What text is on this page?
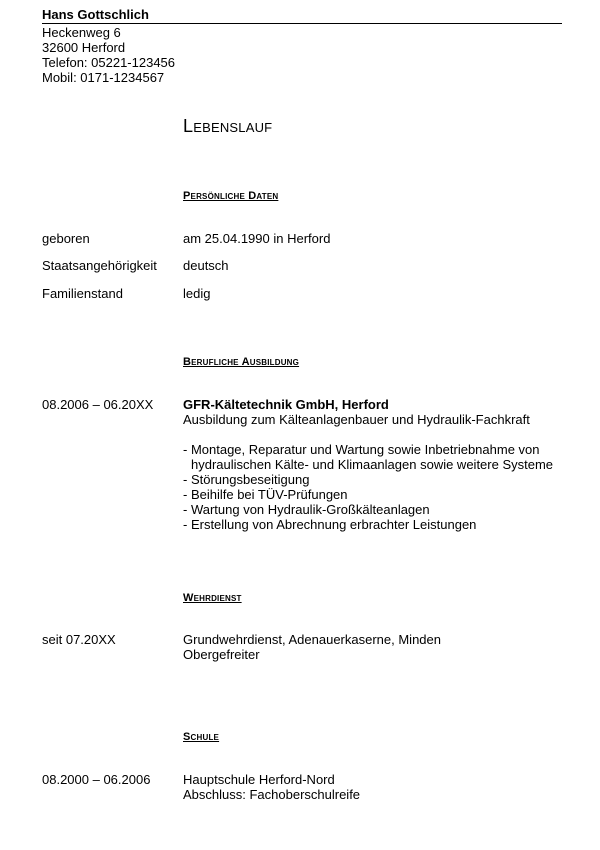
Hans Gottschlich
Heckenweg 6
32600 Herford
Telefon: 05221-123456
Mobil: 0171-1234567
Lebenslauf
Persönliche Daten
geboren	am 25.04.1990 in Herford
Staatsangehörigkeit deutsch
Familienstand	ledig
Berufliche Ausbildung
08.2006 – 06.20XX GFR-Kältetechnik GmbH, Herford
Ausbildung zum Kälteanlagenbauer und Hydraulik-Fachkraft
- Montage, Reparatur und Wartung sowie Inbetriebnahme von
hydraulischen Kälte- und Klimaanlagen sowie weitere Systeme
- Störungsbeseitigung
- Beihilfe bei TÜV-Prüfungen
- Wartung von Hydraulik-Großkälteanlagen
- Erstellung von Abrechnung erbrachter Leistungen
Wehrdienst
seit 07.20XX	Grundwehrdienst, Adenauerkaserne, Minden
Obergefreiter
Schule
08.2000 – 06.2006	Hauptschule Herford-Nord
Abschluss: Fachoberschulreife
